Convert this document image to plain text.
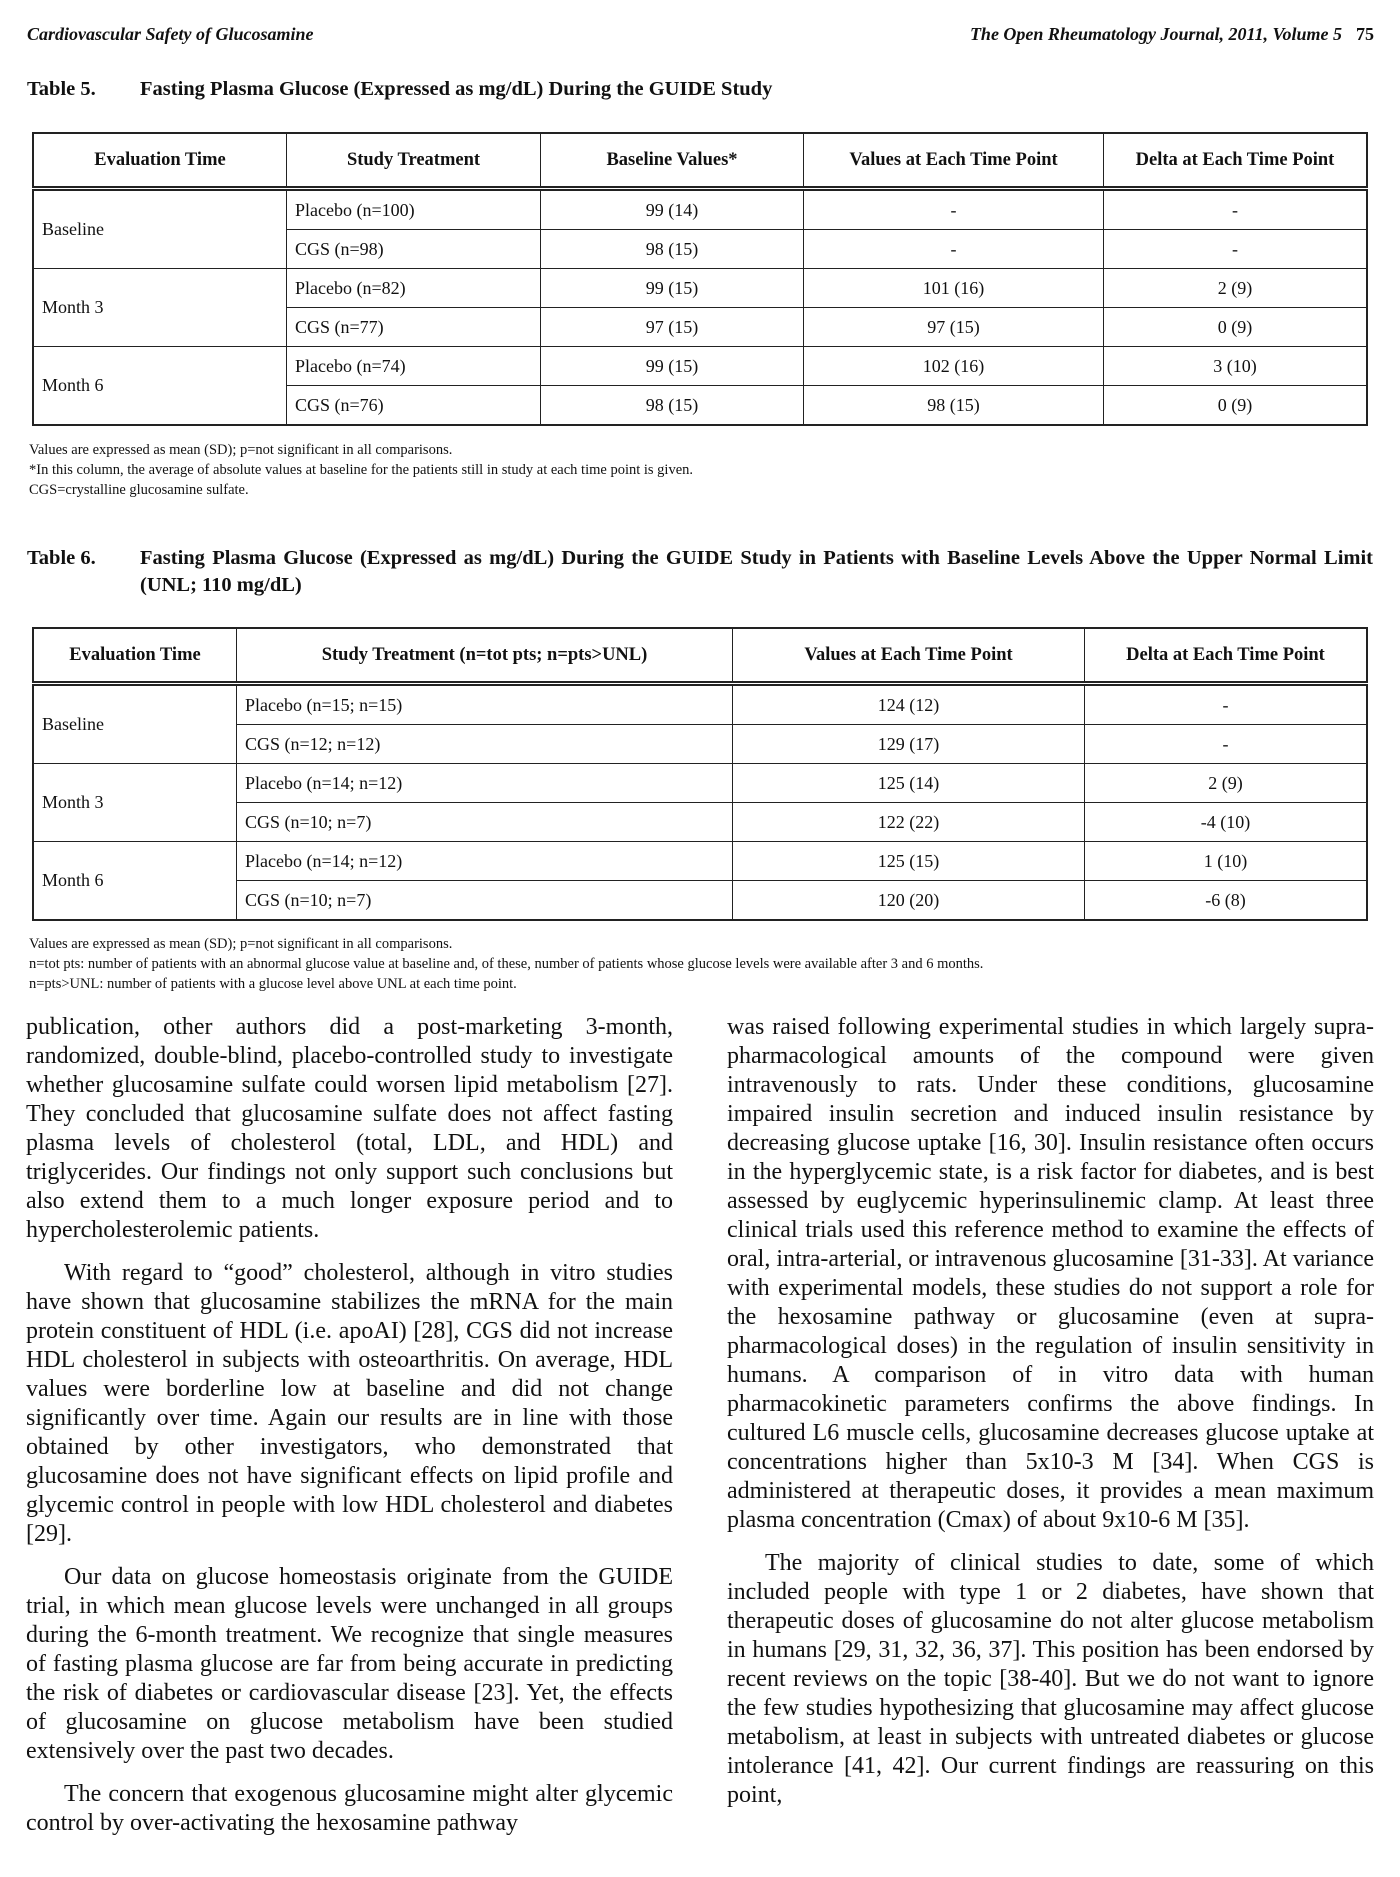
Cardiovascular Safety of Glucosamine	The Open Rheumatology Journal, 2011, Volume 5 75
Table 5. Fasting Plasma Glucose (Expressed as mg/dL) During the GUIDE Study
Evaluation Time	Study Treatment	Baseline Values*	Values at Each Time Point	Delta at Each Time Point
Baseline	Placebo (n=100)	99 (14)	-	-
	CGS (n=98)	98 (15)	-	-
Month 3	Placebo (n=82)	99 (15)	101 (16)	2 (9)
	CGS (n=77)	97 (15)	97 (15)	0 (9)
Month 6	Placebo (n=74)	99 (15)	102 (16)	3 (10)
	CGS (n=76)	98 (15)	98 (15)	0 (9)
Values are expressed as mean (SD); p=not significant in all comparisons.
*In this column, the average of absolute values at baseline for the patients still in study at each time point is given.
CGS=crystalline glucosamine sulfate.
Table 6. Fasting Plasma Glucose (Expressed as mg/dL) During the GUIDE Study in Patients with Baseline Levels Above the Upper Normal Limit (UNL; 110 mg/dL)
Evaluation Time	Study Treatment (n=tot pts; n=pts>UNL)	Values at Each Time Point	Delta at Each Time Point
Baseline	Placebo (n=15; n=15)	124 (12)	-
	CGS (n=12; n=12)	129 (17)	-
Month 3	Placebo (n=14; n=12)	125 (14)	2 (9)
	CGS (n=10; n=7)	122 (22)	-4 (10)
Month 6	Placebo (n=14; n=12)	125 (15)	1 (10)
	CGS (n=10; n=7)	120 (20)	-6 (8)
Values are expressed as mean (SD); p=not significant in all comparisons.
n=tot pts: number of patients with an abnormal glucose value at baseline and, of these, number of patients whose glucose levels were available after 3 and 6 months.
n=pts>UNL: number of patients with a glucose level above UNL at each time point.

publication, other authors did a post-marketing 3-month, randomized, double-blind, placebo-controlled study to investigate whether glucosamine sulfate could worsen lipid metabolism [27]. They concluded that glucosamine sulfate does not affect fasting plasma levels of cholesterol (total, LDL, and HDL) and triglycerides. Our findings not only support such conclusions but also extend them to a much longer exposure period and to hypercholesterolemic patients.

With regard to “good” cholesterol, although in vitro studies have shown that glucosamine stabilizes the mRNA for the main protein constituent of HDL (i.e. apoAI) [28], CGS did not increase HDL cholesterol in subjects with osteoarthritis. On average, HDL values were borderline low at baseline and did not change significantly over time. Again our results are in line with those obtained by other investigators, who demonstrated that glucosamine does not have significant effects on lipid profile and glycemic control in people with low HDL cholesterol and diabetes [29].

Our data on glucose homeostasis originate from the GUIDE trial, in which mean glucose levels were unchanged in all groups during the 6-month treatment. We recognize that single measures of fasting plasma glucose are far from being accurate in predicting the risk of diabetes or cardiovascular disease [23]. Yet, the effects of glucosamine on glucose metabolism have been studied extensively over the past two decades.

The concern that exogenous glucosamine might alter glycemic control by over-activating the hexosamine pathway

was raised following experimental studies in which largely supra-pharmacological amounts of the compound were given intravenously to rats. Under these conditions, glucosamine impaired insulin secretion and induced insulin resistance by decreasing glucose uptake [16, 30]. Insulin resistance often occurs in the hyperglycemic state, is a risk factor for diabetes, and is best assessed by euglycemic hyperinsulinemic clamp. At least three clinical trials used this reference method to examine the effects of oral, intra-arterial, or intravenous glucosamine [31-33]. At variance with experimental models, these studies do not support a role for the hexosamine pathway or glucosamine (even at supra-pharmacological doses) in the regulation of insulin sensitivity in humans. A comparison of in vitro data with human pharmacokinetic parameters confirms the above findings. In cultured L6 muscle cells, glucosamine decreases glucose uptake at concentrations higher than 5x10-3 M [34]. When CGS is administered at therapeutic doses, it provides a mean maximum plasma concentration (Cmax) of about 9x10-6 M [35].

The majority of clinical studies to date, some of which included people with type 1 or 2 diabetes, have shown that therapeutic doses of glucosamine do not alter glucose metabolism in humans [29, 31, 32, 36, 37]. This position has been endorsed by recent reviews on the topic [38-40]. But we do not want to ignore the few studies hypothesizing that glucosamine may affect glucose metabolism, at least in subjects with untreated diabetes or glucose intolerance [41, 42]. Our current findings are reassuring on this point,
